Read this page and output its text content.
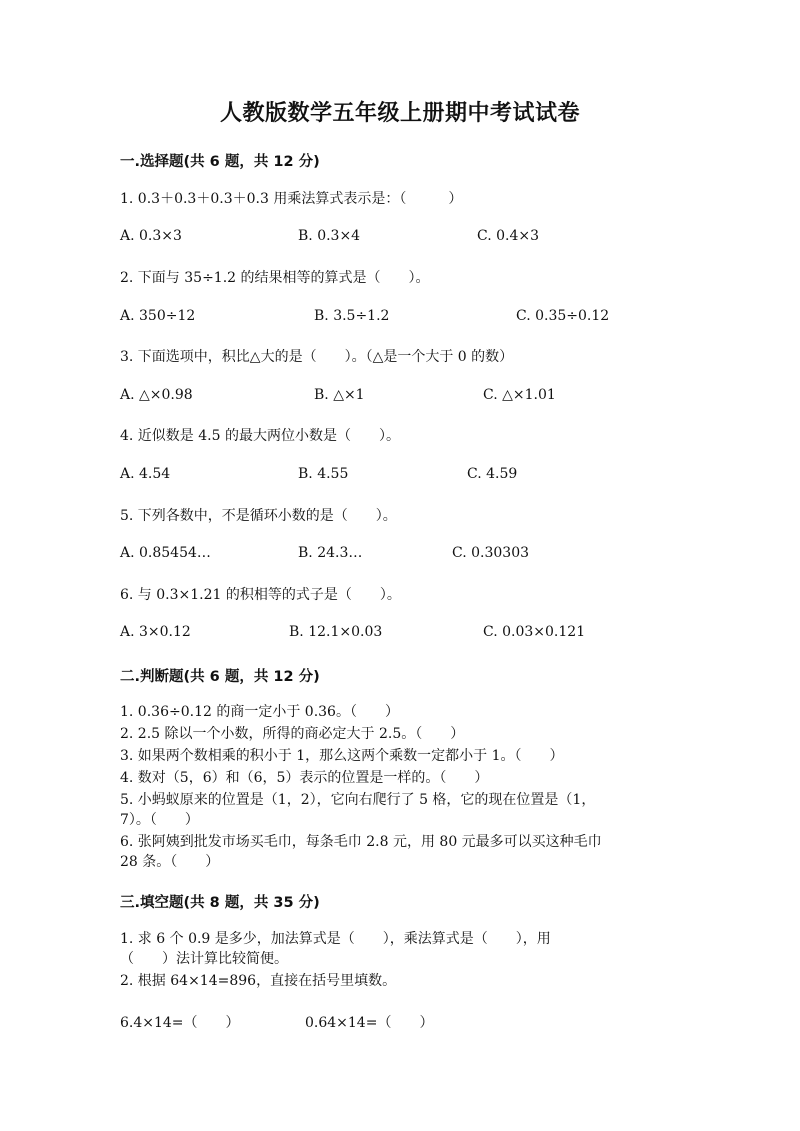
人教版数学五年级上册期中考试试卷
一.选择题(共 6 题，共 12 分)
1. 0.3＋0.3＋0.3＋0.3 用乘法算式表示是：（　　　）
A. 0.3×3	B. 0.3×4	C. 0.4×3
2. 下面与 35÷1.2 的结果相等的算式是（　　）。
A. 350÷12	B. 3.5÷1.2	C. 0.35÷0.12
3. 下面选项中，积比△大的是（　　）。（△是一个大于 0 的数）
A. △×0.98	B. △×1	C. △×1.01
4. 近似数是 4.5 的最大两位小数是（　　）。
A. 4.54	B. 4.55	C. 4.59
5. 下列各数中，不是循环小数的是（　　）。
A. 0.85454…	B. 24.3…	C. 0.30303
6. 与 0.3×1.21 的积相等的式子是（　　）。
A. 3×0.12	B. 12.1×0.03	C. 0.03×0.121
二.判断题(共 6 题，共 12 分)
1. 0.36÷0.12 的商一定小于 0.36。（　　）
2. 2.5 除以一个小数，所得的商必定大于 2.5。（　　）
3. 如果两个数相乘的积小于 1，那么这两个乘数一定都小于 1。（　　）
4. 数对（5，6）和（6，5）表示的位置是一样的。（　　）
5. 小蚂蚁原来的位置是（1，2），它向右爬行了 5 格，它的现在位置是（1，
7）。（　　）
6. 张阿姨到批发市场买毛巾，每条毛巾 2.8 元，用 80 元最多可以买这种毛巾
28 条。（　　）
三.填空题(共 8 题，共 35 分)
1. 求 6 个 0.9 是多少，加法算式是（　　），乘法算式是（　　），用
（　　）法计算比较简便。
2. 根据 64×14=896，直接在括号里填数。
6.4×14=（　　）	0.64×14=（　　）
